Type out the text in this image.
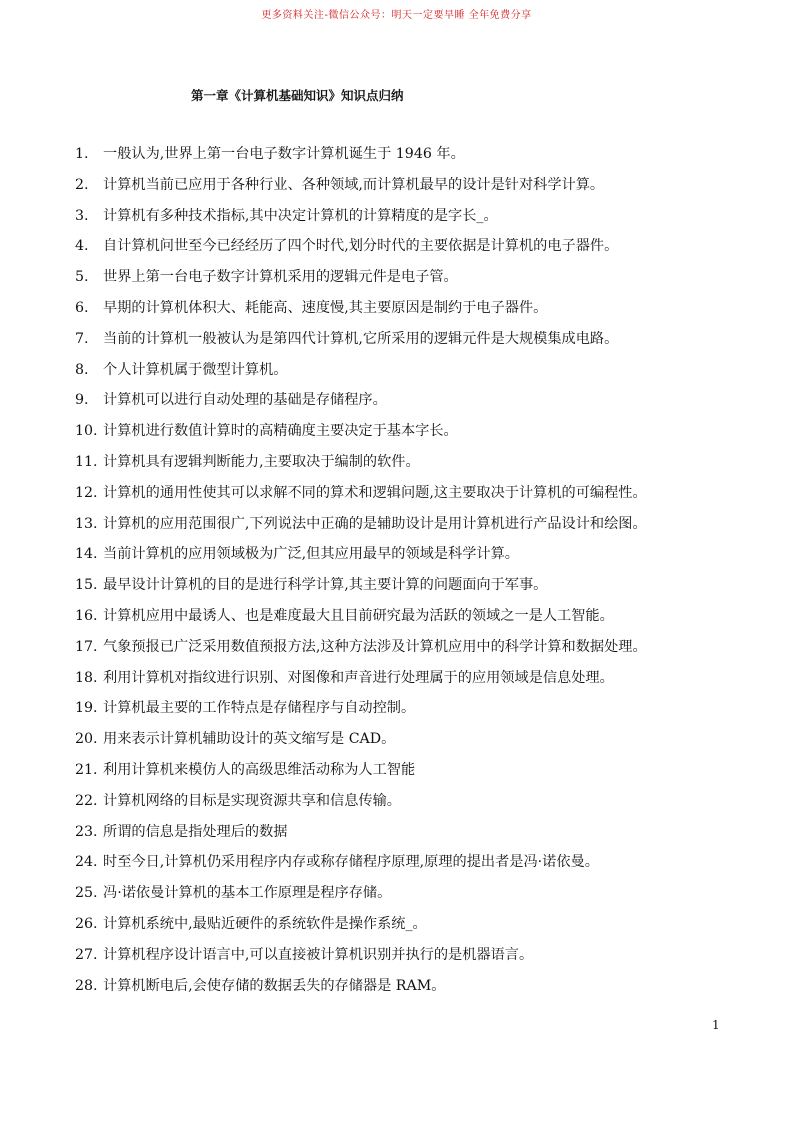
更多资料关注-微信公众号：明天一定要早睡 全年免费分享
第一章《计算机基础知识》知识点归纳
1.	一般认为,世界上第一台电子数字计算机诞生于 1946 年。
2.	计算机当前已应用于各种行业、各种领域,而计算机最早的设计是针对科学计算。
3.	计算机有多种技术指标,其中决定计算机的计算精度的是字长_。
4.	自计算机问世至今已经经历了四个时代,划分时代的主要依据是计算机的电子器件。
5.	世界上第一台电子数字计算机采用的逻辑元件是电子管。
6.	早期的计算机体积大、耗能高、速度慢,其主要原因是制约于电子器件。
7.	当前的计算机一般被认为是第四代计算机,它所采用的逻辑元件是大规模集成电路。
8.	个人计算机属于微型计算机。
9.	计算机可以进行自动处理的基础是存储程序。
10. 计算机进行数值计算时的高精确度主要决定于基本字长。
11. 计算机具有逻辑判断能力,主要取决于编制的软件。
12. 计算机的通用性使其可以求解不同的算术和逻辑问题,这主要取决于计算机的可编程性。
13. 计算机的应用范围很广,下列说法中正确的是辅助设计是用计算机进行产品设计和绘图。
14. 当前计算机的应用领域极为广泛,但其应用最早的领域是科学计算。
15. 最早设计计算机的目的是进行科学计算,其主要计算的问题面向于军事。
16. 计算机应用中最诱人、也是难度最大且目前研究最为活跃的领域之一是人工智能。
17. 气象预报已广泛采用数值预报方法,这种方法涉及计算机应用中的科学计算和数据处理。
18. 利用计算机对指纹进行识别、对图像和声音进行处理属于的应用领域是信息处理。
19. 计算机最主要的工作特点是存储程序与自动控制。
20. 用来表示计算机辅助设计的英文缩写是 CAD。
21. 利用计算机来模仿人的高级思维活动称为人工智能
22. 计算机网络的目标是实现资源共享和信息传输。
23. 所谓的信息是指处理后的数据
24. 时至今日,计算机仍采用程序内存或称存储程序原理,原理的提出者是冯·诺依曼。
25. 冯·诺依曼计算机的基本工作原理是程序存储。
26. 计算机系统中,最贴近硬件的系统软件是操作系统_。
27. 计算机程序设计语言中,可以直接被计算机识别并执行的是机器语言。
28. 计算机断电后,会使存储的数据丢失的存储器是 RAM。
1
